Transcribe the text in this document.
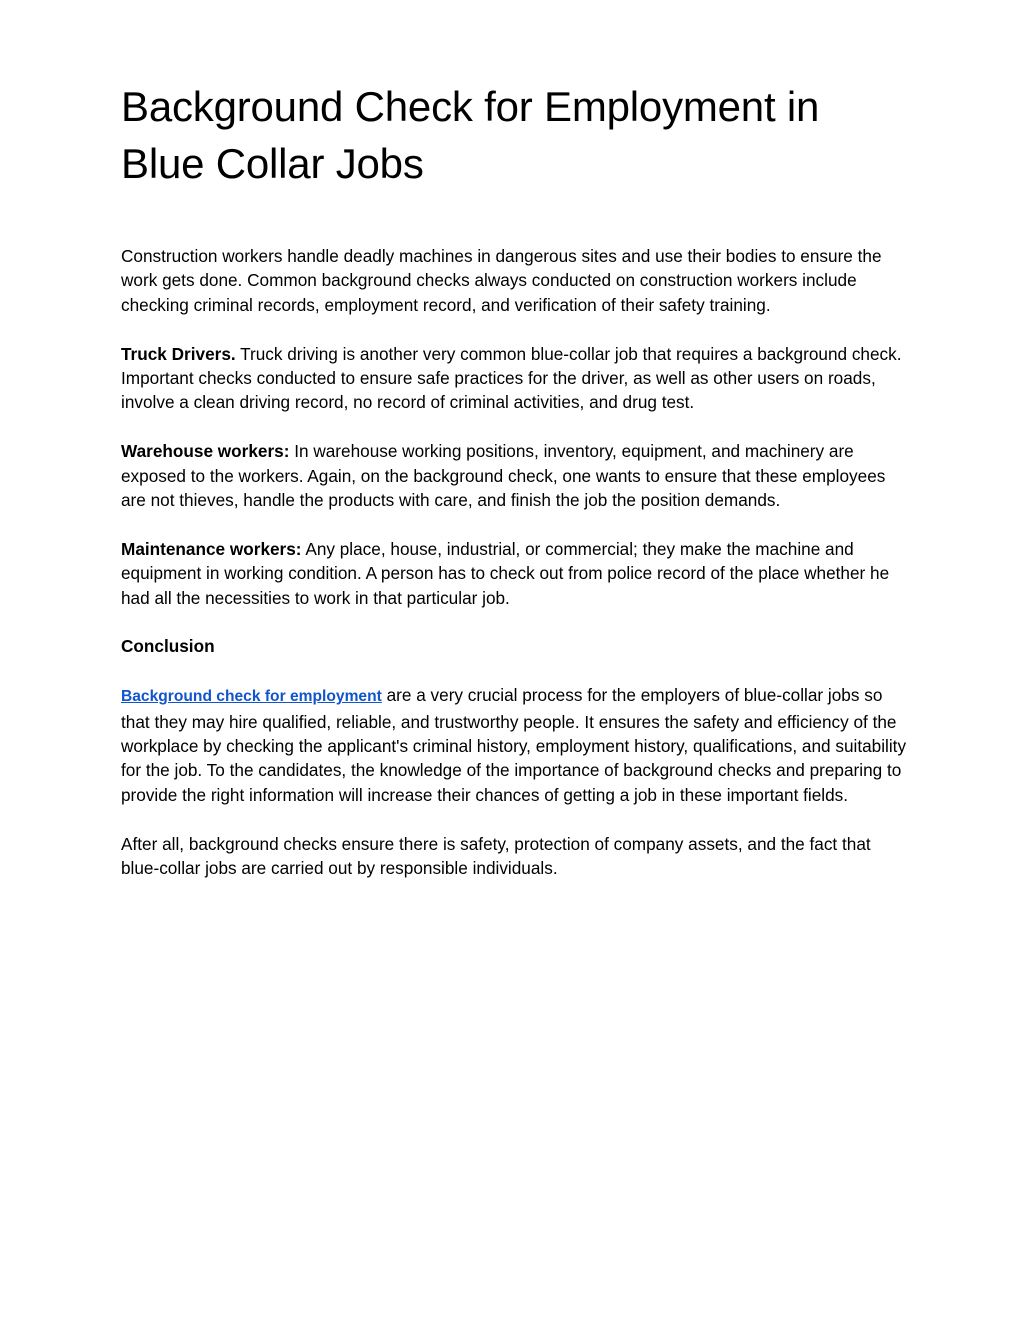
Background Check for Employment in Blue Collar Jobs

Construction workers handle deadly machines in dangerous sites and use their bodies to ensure the work gets done. Common background checks always conducted on construction workers include checking criminal records, employment record, and verification of their safety training.

Truck Drivers. Truck driving is another very common blue-collar job that requires a background check. Important checks conducted to ensure safe practices for the driver, as well as other users on roads, involve a clean driving record, no record of criminal activities, and drug test.

Warehouse workers: In warehouse working positions, inventory, equipment, and machinery are exposed to the workers. Again, on the background check, one wants to ensure that these employees are not thieves, handle the products with care, and finish the job the position demands.

Maintenance workers: Any place, house, industrial, or commercial; they make the machine and equipment in working condition. A person has to check out from police record of the place whether he had all the necessities to work in that particular job.

Conclusion

Background check for employment are a very crucial process for the employers of blue-collar jobs so that they may hire qualified, reliable, and trustworthy people. It ensures the safety and efficiency of the workplace by checking the applicant's criminal history, employment history, qualifications, and suitability for the job. To the candidates, the knowledge of the importance of background checks and preparing to provide the right information will increase their chances of getting a job in these important fields.

After all, background checks ensure there is safety, protection of company assets, and the fact that blue-collar jobs are carried out by responsible individuals.
